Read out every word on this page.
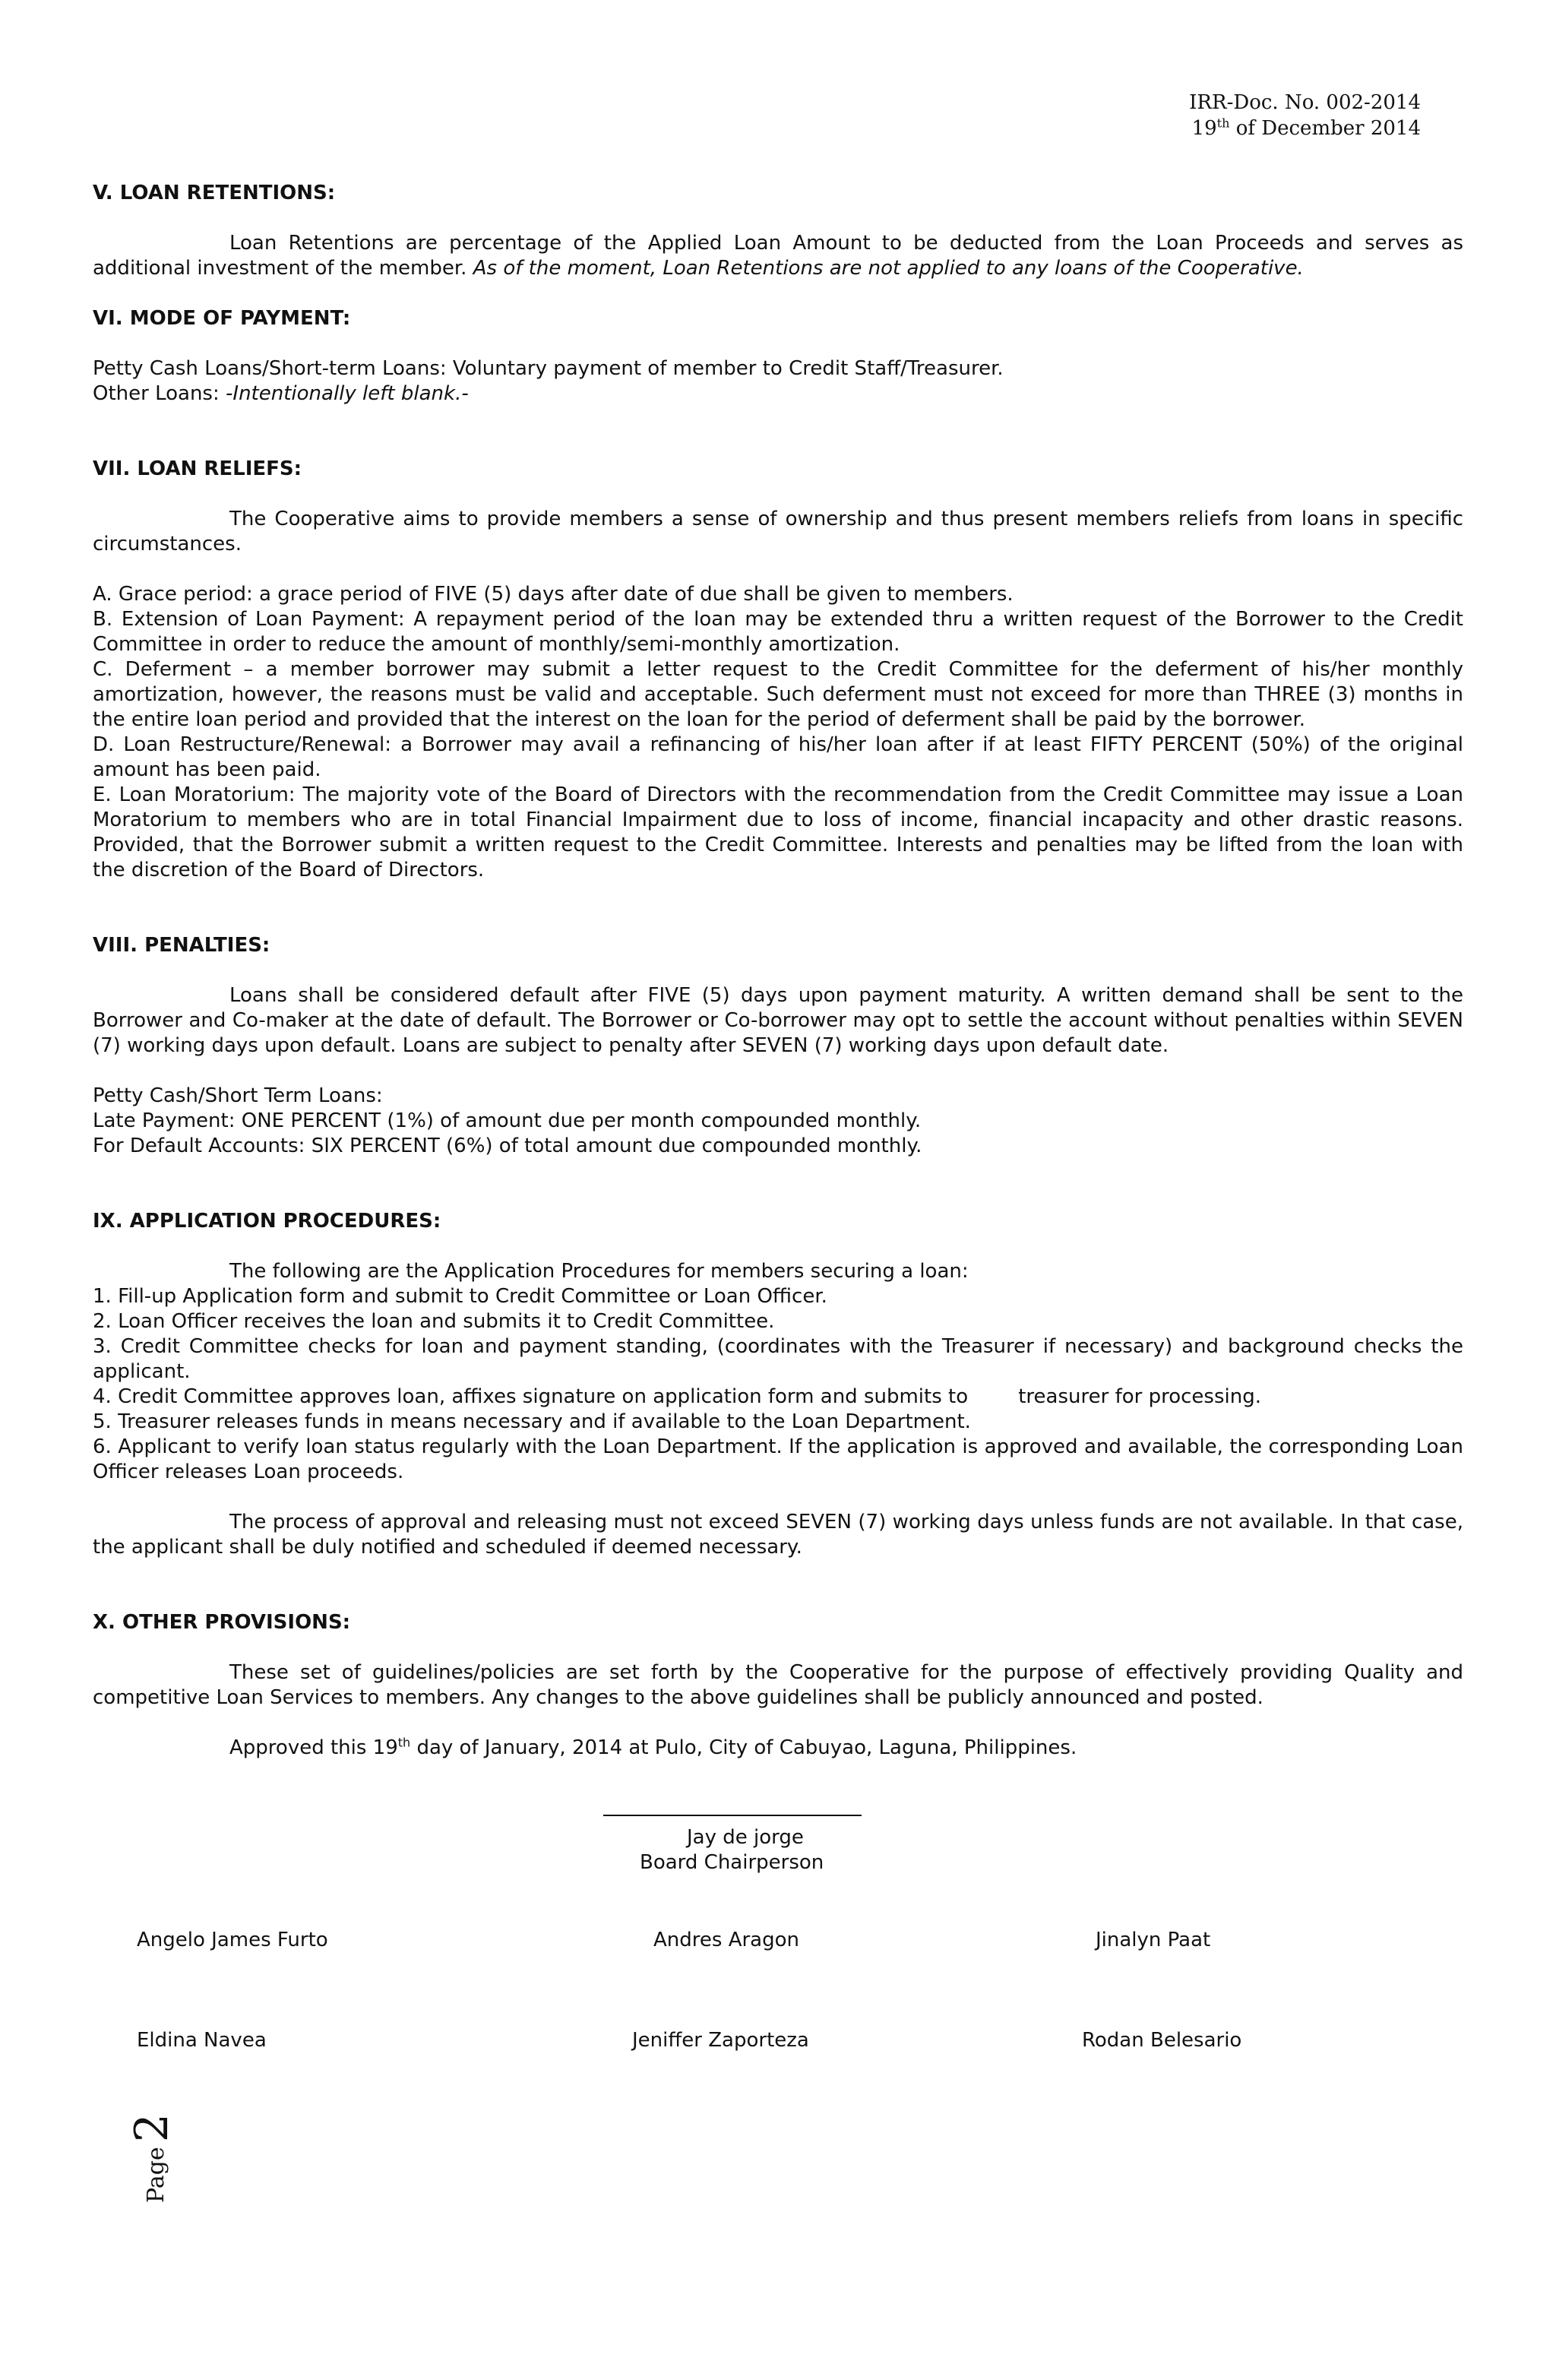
IRR-Doc. No. 002-2014
19th of December 2014
V. LOAN RETENTIONS:

Loan Retentions are percentage of the Applied Loan Amount to be deducted from the Loan Proceeds and serves as additional investment of the member. As of the moment, Loan Retentions are not applied to any loans of the Cooperative.

VI. MODE OF PAYMENT:

Petty Cash Loans/Short-term Loans: Voluntary payment of member to Credit Staff/Treasurer.

Other Loans: -Intentionally left blank.-

VII. LOAN RELIEFS:

The Cooperative aims to provide members a sense of ownership and thus present members reliefs from loans in specific circumstances.

A. Grace period: a grace period of FIVE (5) days after date of due shall be given to members.

B. Extension of Loan Payment: A repayment period of the loan may be extended thru a written request of the Borrower to the Credit Committee in order to reduce the amount of monthly/semi-monthly amortization.

C. Deferment – a member borrower may submit a letter request to the Credit Committee for the deferment of his/her monthly amortization, however, the reasons must be valid and acceptable. Such deferment must not exceed for more than THREE (3) months in the entire loan period and provided that the interest on the loan for the period of deferment shall be paid by the borrower.

D. Loan Restructure/Renewal: a Borrower may avail a refinancing of his/her loan after if at least FIFTY PERCENT (50%) of the original amount has been paid.

E. Loan Moratorium: The majority vote of the Board of Directors with the recommendation from the Credit Committee may issue a Loan Moratorium to members who are in total Financial Impairment due to loss of income, financial incapacity and other drastic reasons. Provided, that the Borrower submit a written request to the Credit Committee. Interests and penalties may be lifted from the loan with the discretion of the Board of Directors.

VIII. PENALTIES:

Loans shall be considered default after FIVE (5) days upon payment maturity. A written demand shall be sent to the Borrower and Co-maker at the date of default. The Borrower or Co-borrower may opt to settle the account without penalties within SEVEN (7) working days upon default. Loans are subject to penalty after SEVEN (7) working days upon default date.

Petty Cash/Short Term Loans:

Late Payment: ONE PERCENT (1%) of amount due per month compounded monthly.

For Default Accounts: SIX PERCENT (6%) of total amount due compounded monthly.

IX. APPLICATION PROCEDURES:

The following are the Application Procedures for members securing a loan:

1. Fill-up Application form and submit to Credit Committee or Loan Officer.

2. Loan Officer receives the loan and submits it to Credit Committee.

3. Credit Committee checks for loan and payment standing, (coordinates with the Treasurer if necessary) and background checks the applicant.

4. Credit Committee approves loan, affixes signature on application form and submits to        treasurer for processing.

5. Treasurer releases funds in means necessary and if available to the Loan Department.

6. Applicant to verify loan status regularly with the Loan Department. If the application is approved and available, the corresponding Loan Officer releases Loan proceeds.

The process of approval and releasing must not exceed SEVEN (7) working days unless funds are not available. In that case, the applicant shall be duly notified and scheduled if deemed necessary.

X. OTHER PROVISIONS:

These set of guidelines/policies are set forth by the Cooperative for the purpose of effectively providing Quality and competitive Loan Services to members. Any changes to the above guidelines shall be publicly announced and posted.

Approved this 19th day of January, 2014 at Pulo, City of Cabuyao, Laguna, Philippines.

Jay de jorge
Board Chairperson
Angelo James Furto	Andres Aragon	Jinalyn Paat
Eldina Navea	Jeniffer Zaporteza	Rodan Belesario
Page
2
